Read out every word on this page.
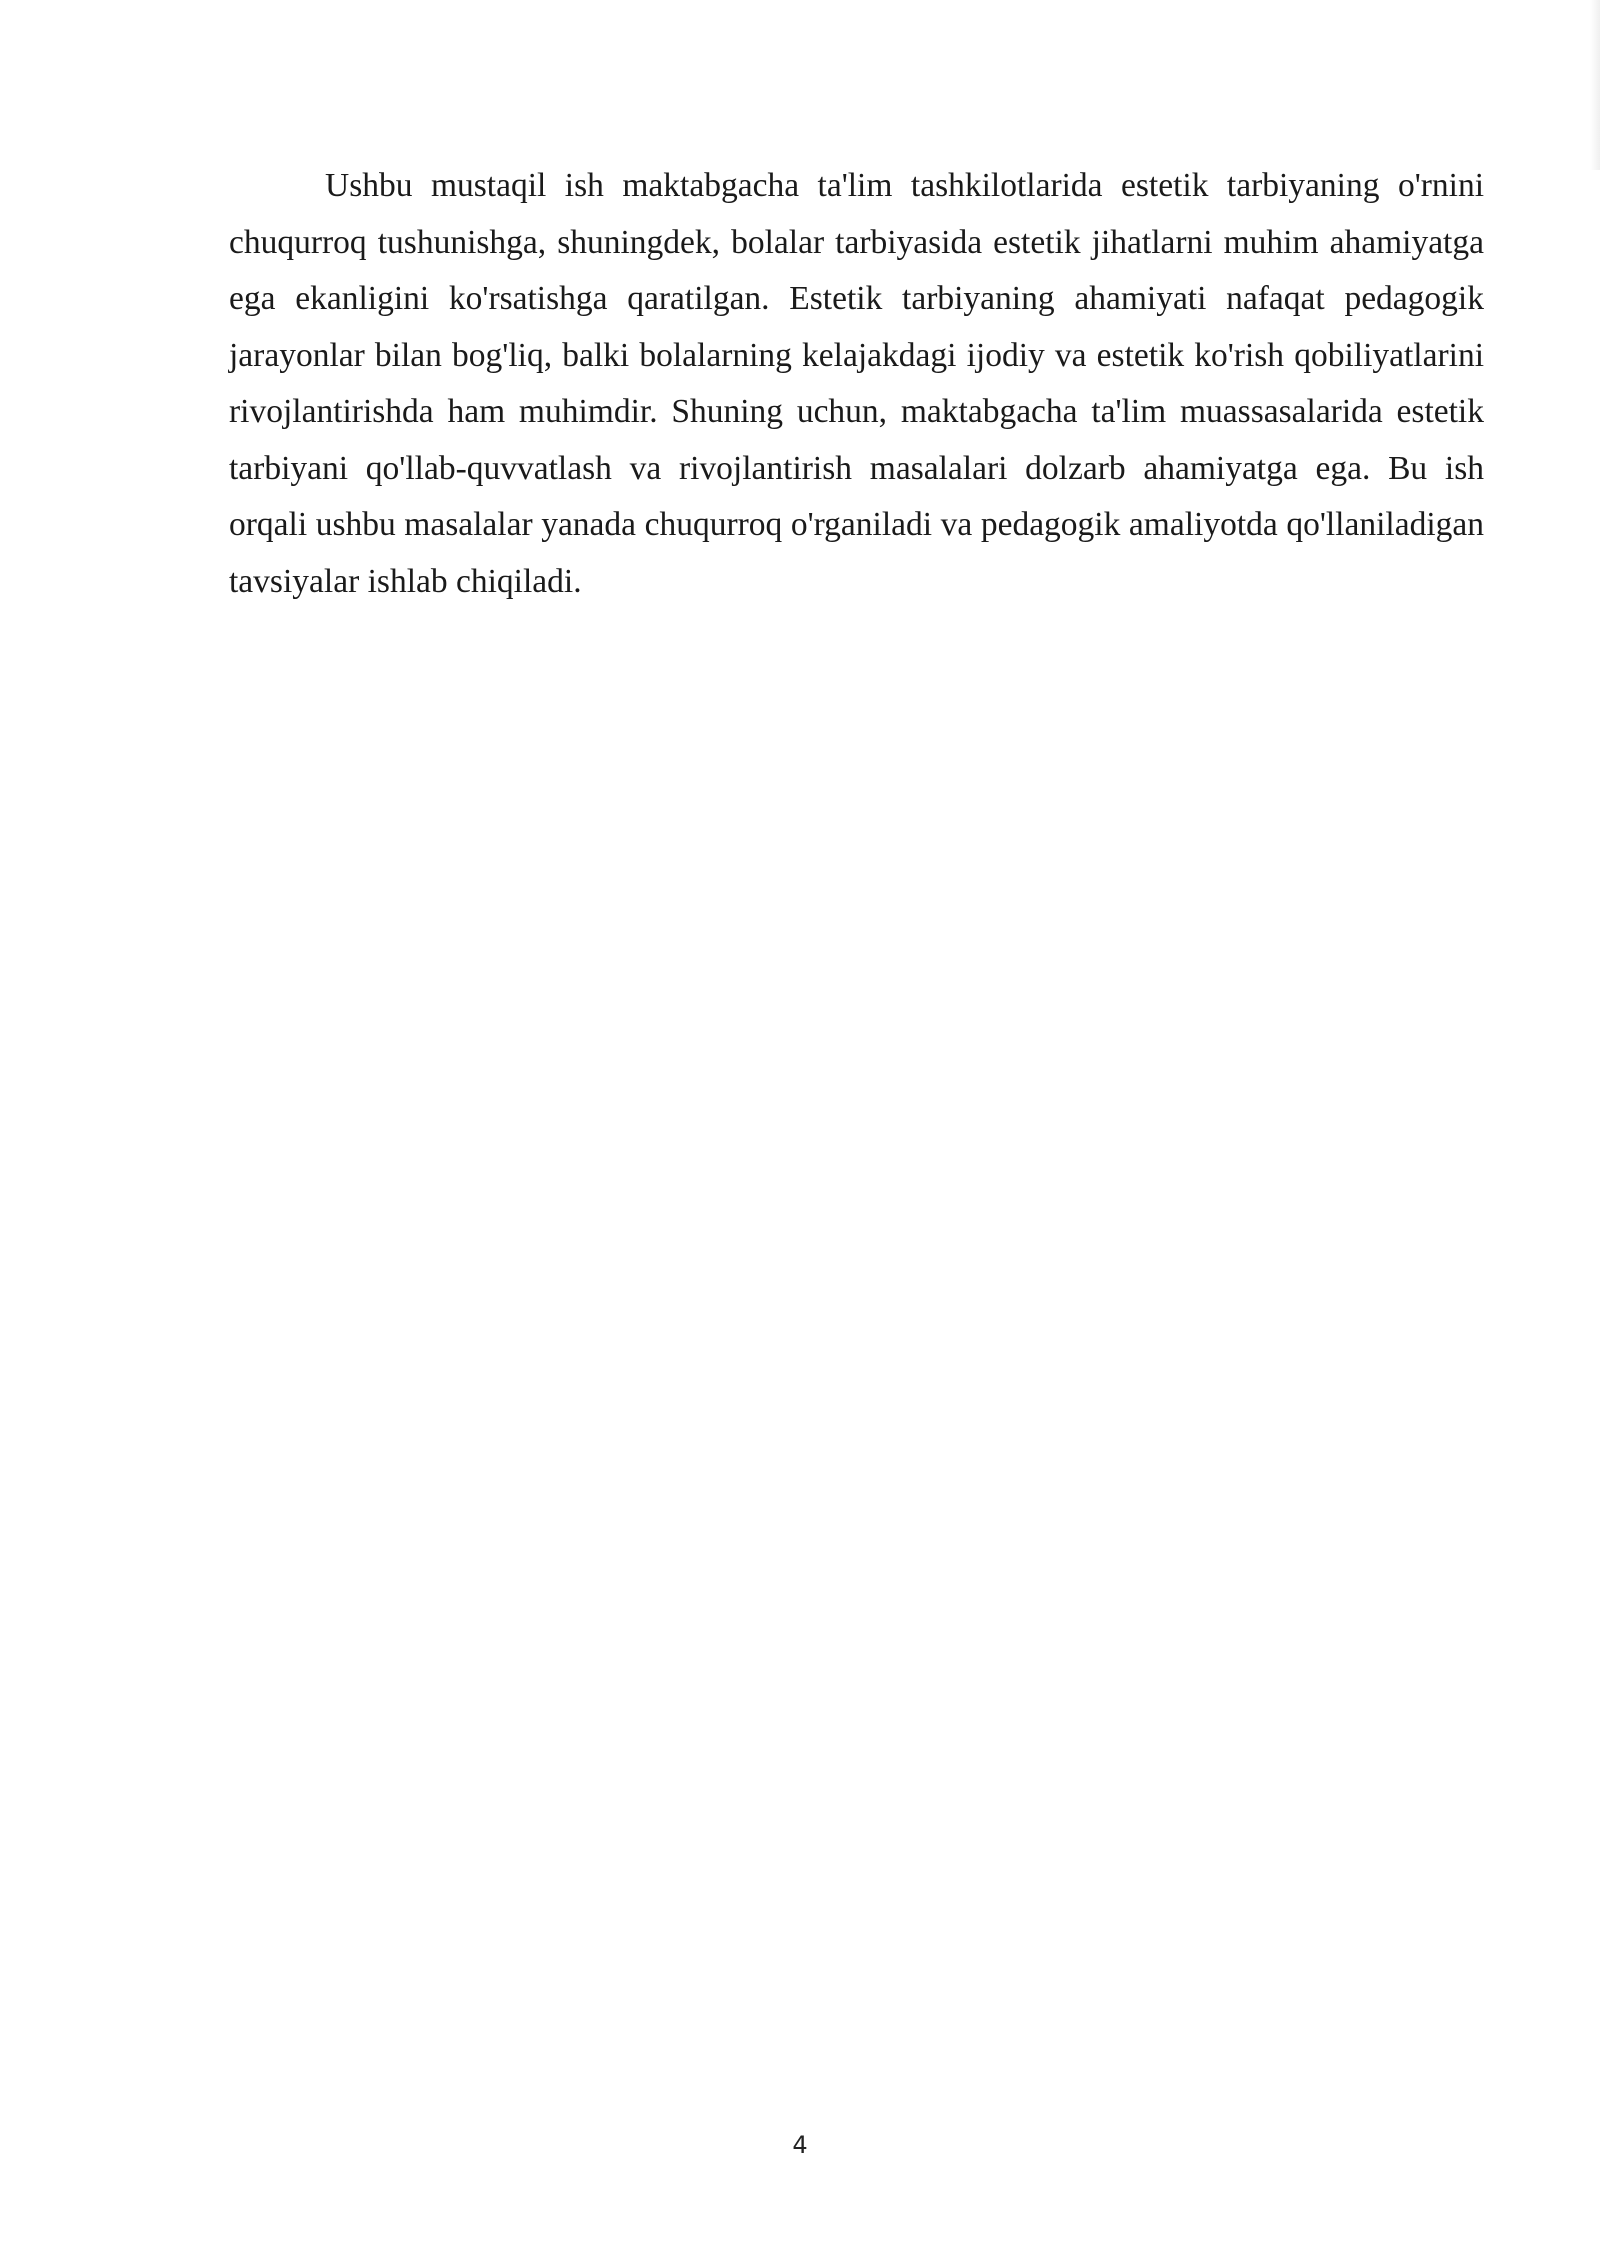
Ushbu mustaqil ish maktabgacha ta'lim tashkilotlarida estetik tarbiyaning o'rnini chuqurroq tushunishga, shuningdek, bolalar tarbiyasida estetik jihatlarni muhim ahamiyatga ega ekanligini ko'rsatishga qaratilgan. Estetik tarbiyaning ahamiyati nafaqat pedagogik jarayonlar bilan bog'liq, balki bolalarning kelajakdagi ijodiy va estetik ko'rish qobiliyatlarini rivojlantirishda ham muhimdir. Shuning uchun, maktabgacha ta'lim muassasalarida estetik tarbiyani qo'llab-quvvatlash va rivojlantirish masalalari dolzarb ahamiyatga ega. Bu ish orqali ushbu masalalar yanada chuqurroq o'rganiladi va pedagogik amaliyotda qo'llaniladigan tavsiyalar ishlab chiqiladi.

4
